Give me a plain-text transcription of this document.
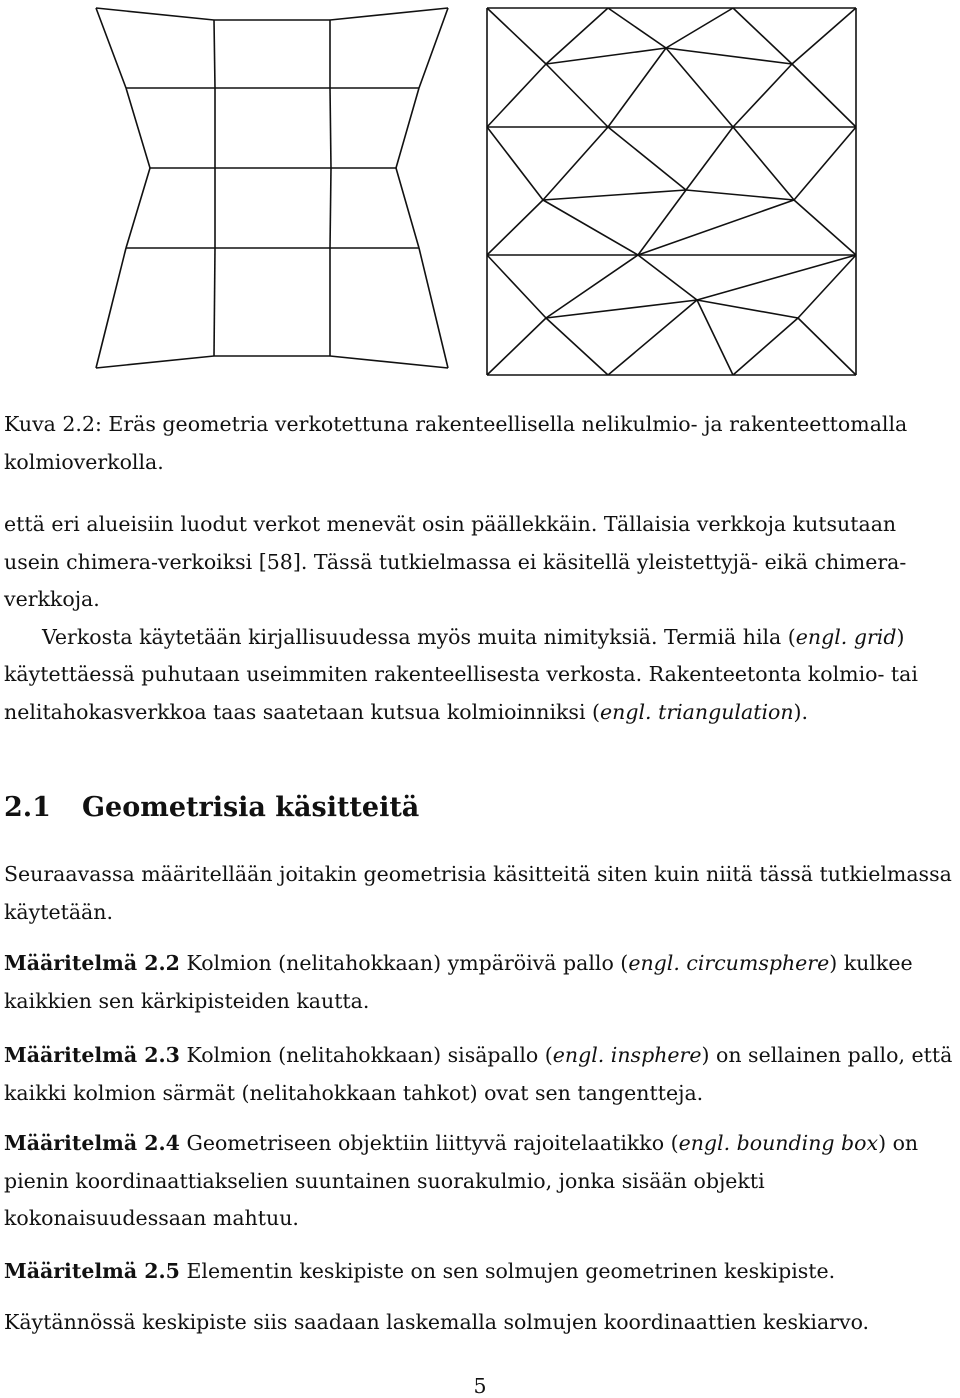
Kuva 2.2: Eräs geometria verkotettuna rakenteellisella nelikulmio- ja rakenteettomalla kolmioverkolla.

että eri alueisiin luodut verkot menevät osin päällekkäin. Tällaisia verkkoja kutsutaan usein chimera-verkoiksi [58]. Tässä tutkielmassa ei käsitellä yleistettyjä- eikä chimera-verkkoja.

Verkosta käytetään kirjallisuudessa myös muita nimityksiä. Termiä hila (engl. grid) käytettäessä puhutaan useimmiten rakenteellisesta verkosta. Rakenteetonta kolmio- tai nelitahokasverkkoa taas saatetaan kutsua kolmioinniksi (engl. triangulation).

2.1 Geometrisia käsitteitä

Seuraavassa määritellään joitakin geometrisia käsitteitä siten kuin niitä tässä tutkielmassa käytetään.

Määritelmä 2.2 Kolmion (nelitahokkaan) ympäröivä pallo (engl. circumsphere) kulkee kaikkien sen kärkipisteiden kautta.

Määritelmä 2.3 Kolmion (nelitahokkaan) sisäpallo (engl. insphere) on sellainen pallo, että kaikki kolmion särmät (nelitahokkaan tahkot) ovat sen tangentteja.

Määritelmä 2.4 Geometriseen objektiin liittyvä rajoitelaatikko (engl. bounding box) on pienin koordinaattiakselien suuntainen suorakulmio, jonka sisään objekti kokonaisuudessaan mahtuu.

Määritelmä 2.5 Elementin keskipiste on sen solmujen geometrinen keskipiste.

Käytännössä keskipiste siis saadaan laskemalla solmujen koordinaattien keskiarvo.

5
